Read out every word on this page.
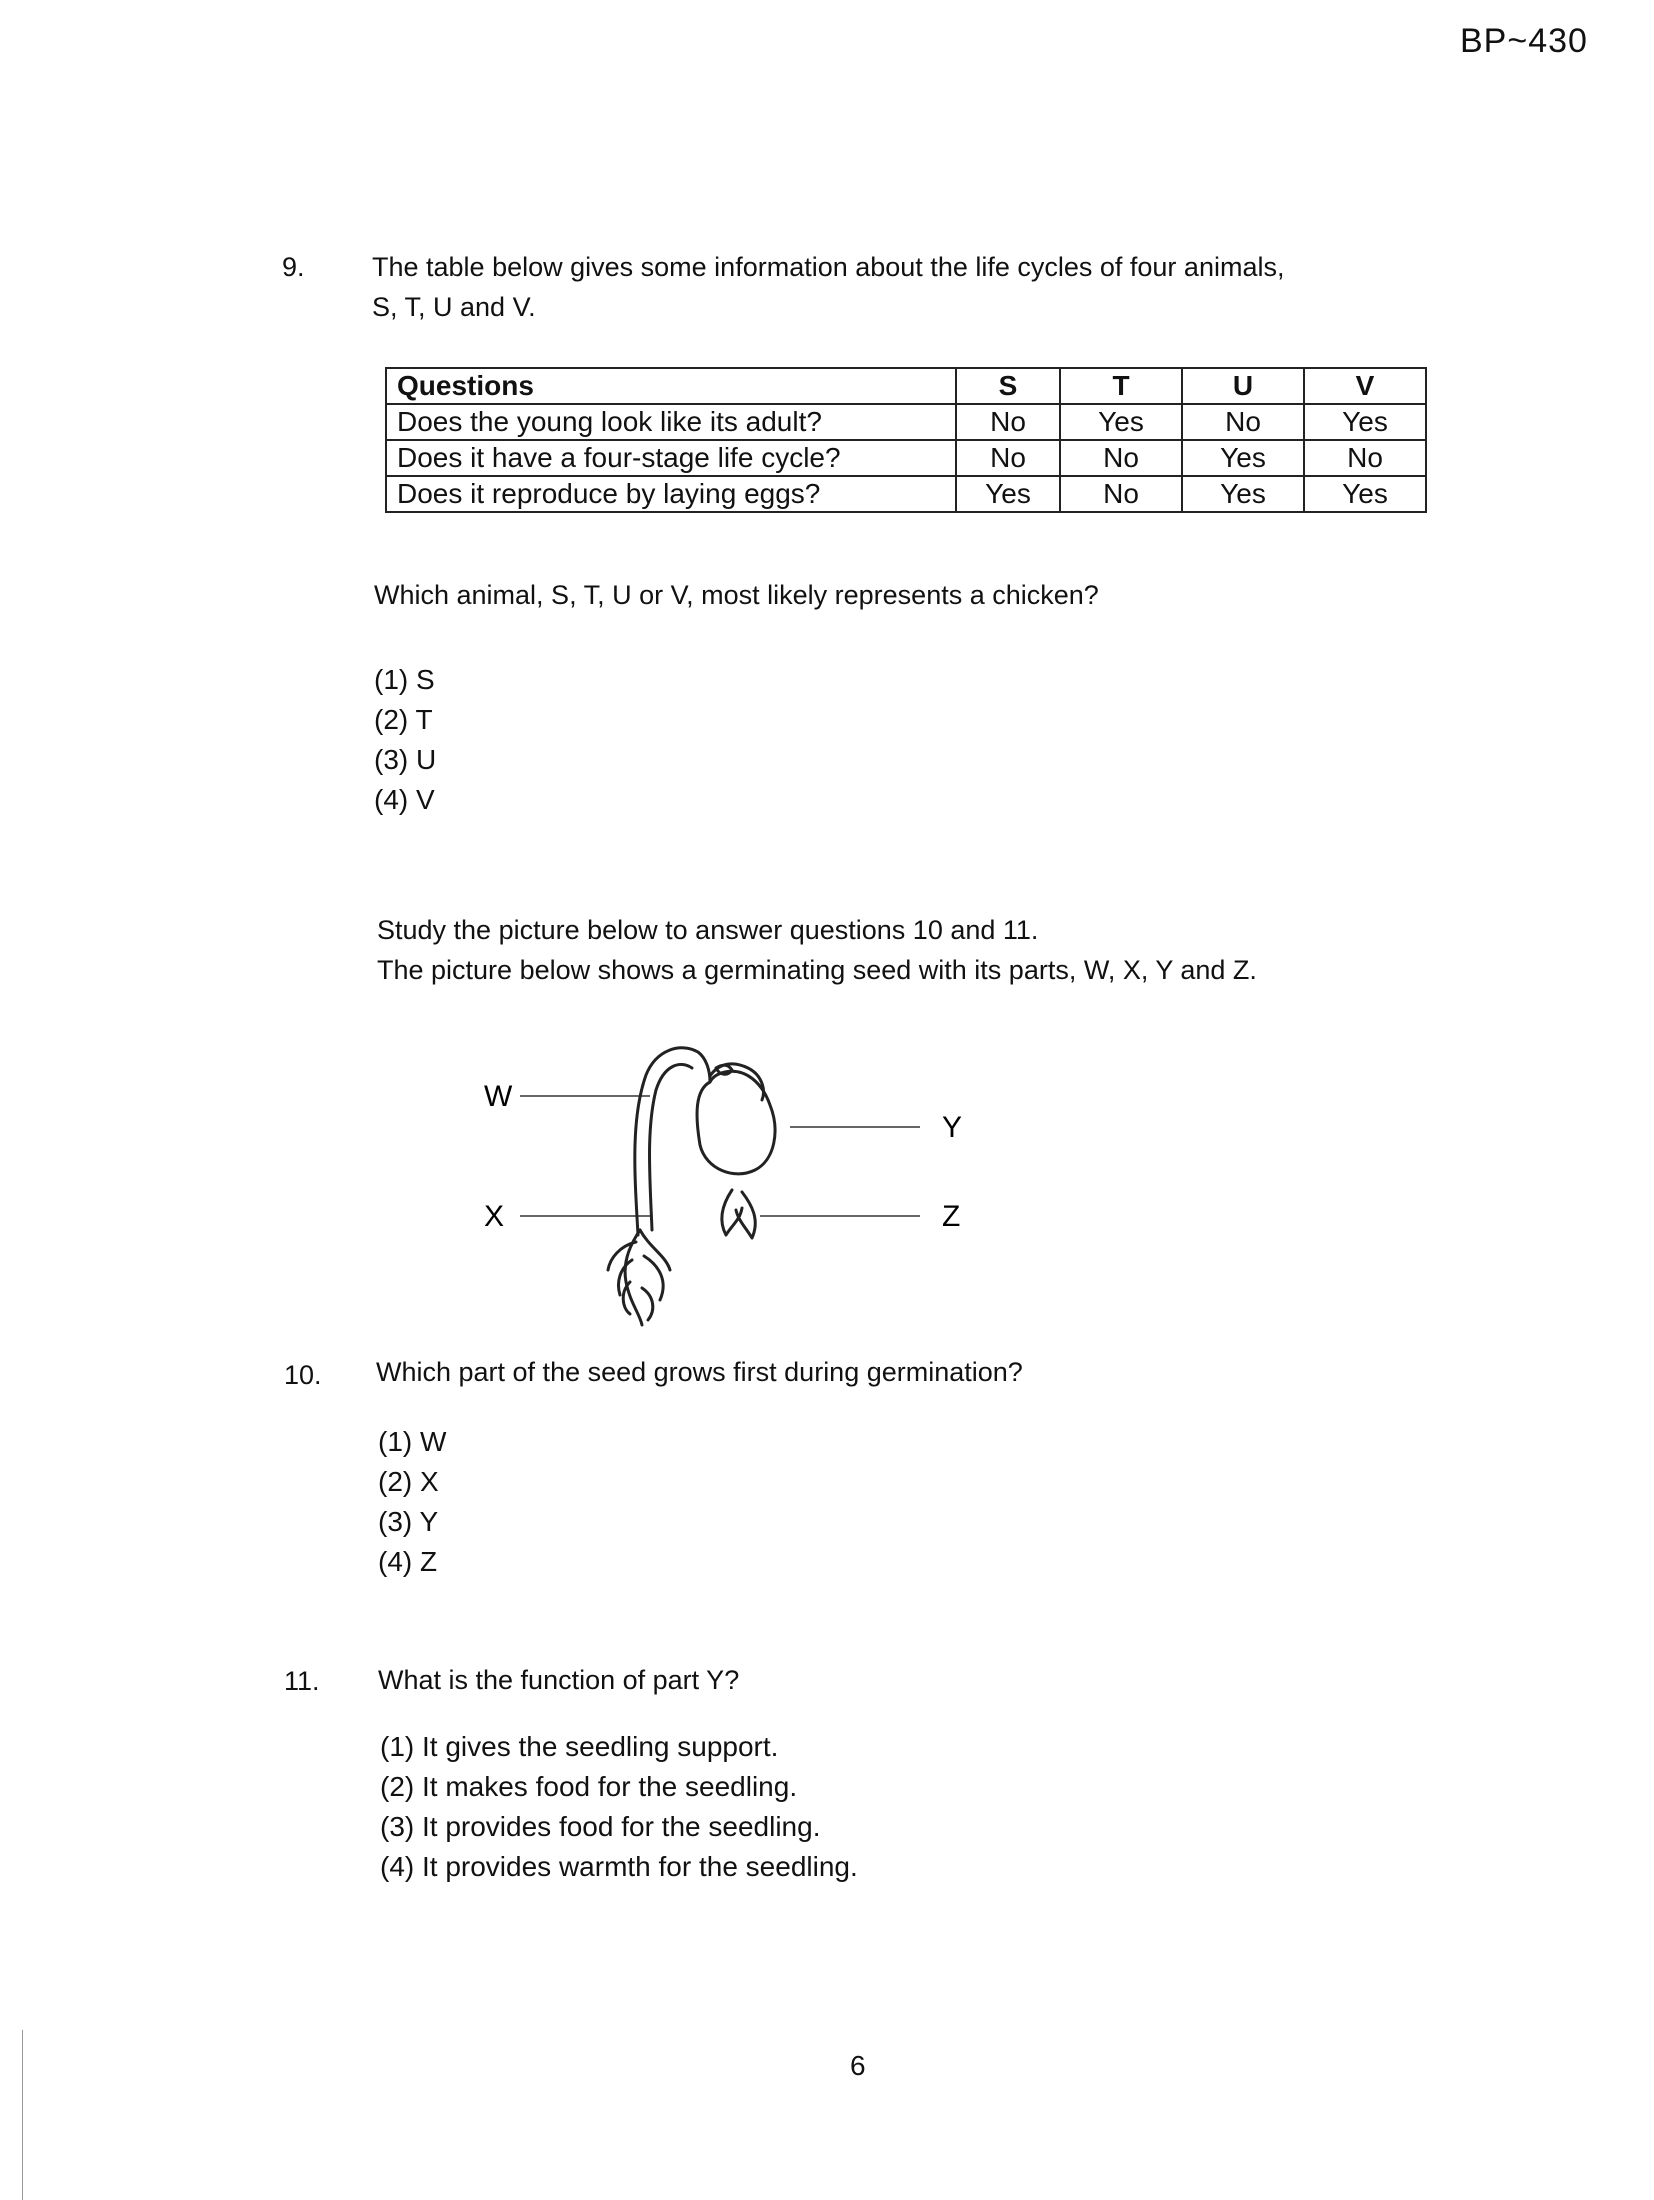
BP~430
9. The table below gives some information about the life cycles of four animals,
S, T, U and V.
Questions	S	T	U	V
Does the young look like its adult?	No	Yes	No	Yes
Does it have a four-stage life cycle?	No	No	Yes	No
Does it reproduce by laying eggs?	Yes	No	Yes	Yes
Which animal, S, T, U or V, most likely represents a chicken?
(1) S
(2) T
(3) U
(4) V
Study the picture below to answer questions 10 and 11.
The picture below shows a germinating seed with its parts, W, X, Y and Z.
W
X
Y
Z
10. Which part of the seed grows first during germination?
(1) W
(2) X
(3) Y
(4) Z
11. What is the function of part Y?
(1) It gives the seedling support.
(2) It makes food for the seedling.
(3) It provides food for the seedling.
(4) It provides warmth for the seedling.
6
